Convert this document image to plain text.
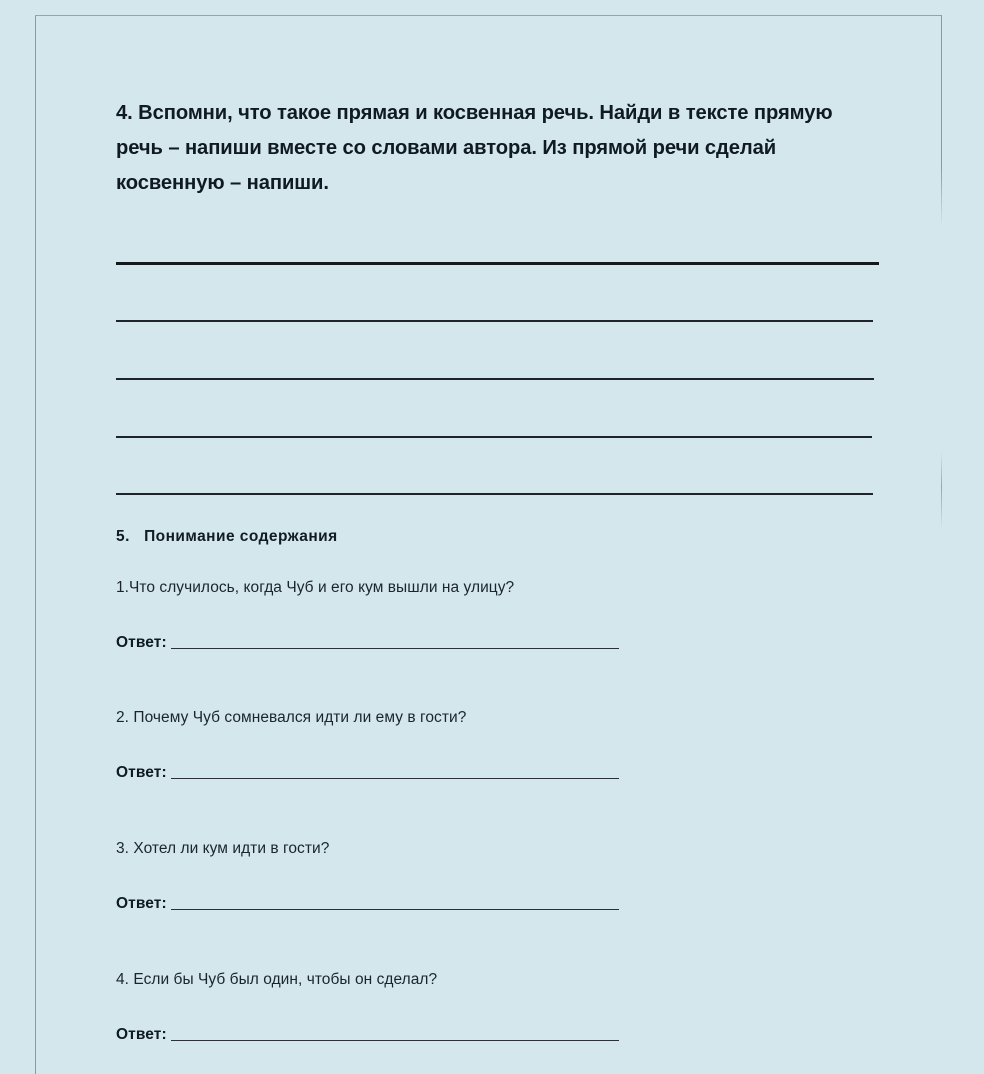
4. Вспомни, что такое прямая и косвенная речь. Найди в тексте прямую речь – напиши вместе со словами автора. Из прямой речи сделай косвенную – напиши.
5.   Понимание содержания
1.Что случилось, когда Чуб и его кум вышли на улицу?
Ответ:
2. Почему Чуб сомневался идти ли ему в гости?
Ответ:
3. Хотел ли кум идти в гости?
Ответ:
4. Если бы Чуб был один, чтобы он сделал?
Ответ:
